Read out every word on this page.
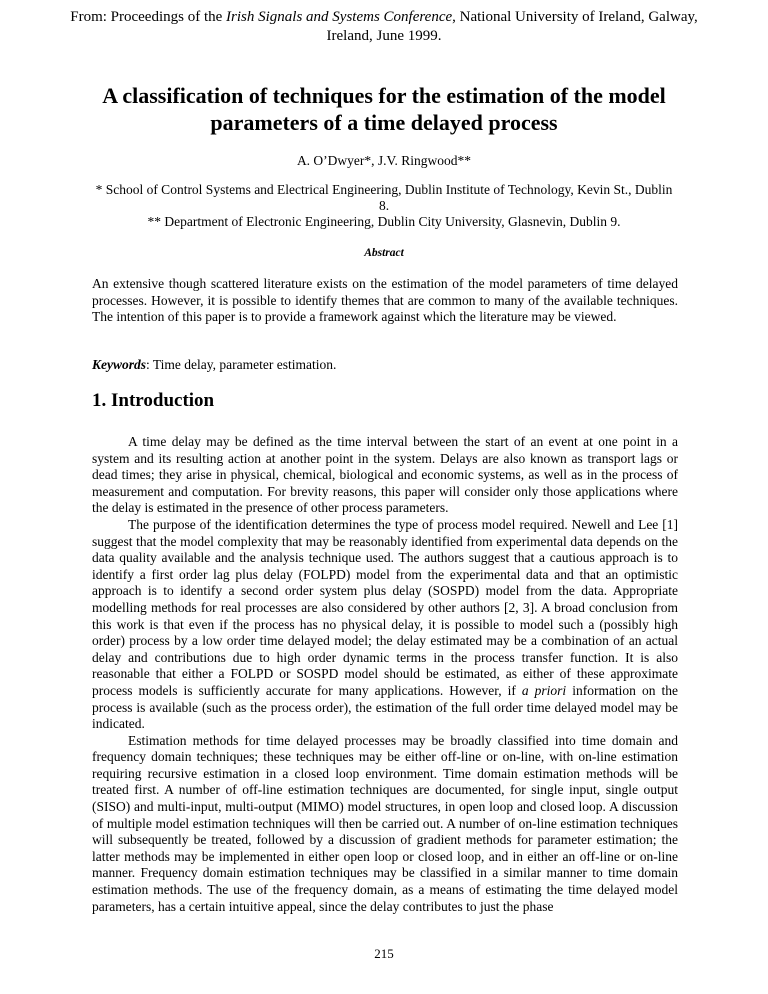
From: Proceedings of the Irish Signals and Systems Conference, National University of Ireland, Galway, Ireland, June 1999.
A classification of techniques for the estimation of the model parameters of a time delayed process
A. O’Dwyer*, J.V. Ringwood**
* School of Control Systems and Electrical Engineering, Dublin Institute of Technology, Kevin St., Dublin 8.
** Department of Electronic Engineering, Dublin City University, Glasnevin, Dublin 9.
Abstract
An extensive though scattered literature exists on the estimation of the model parameters of time delayed processes. However, it is possible to identify themes that are common to many of the available techniques. The intention of this paper is to provide a framework against which the literature may be viewed.
Keywords: Time delay, parameter estimation.
1. Introduction

A time delay may be defined as the time interval between the start of an event at one point in a system and its resulting action at another point in the system. Delays are also known as transport lags or dead times; they arise in physical, chemical, biological and economic systems, as well as in the process of measurement and computation. For brevity reasons, this paper will consider only those applications where the delay is estimated in the presence of other process parameters.

The purpose of the identification determines the type of process model required. Newell and Lee [1] suggest that the model complexity that may be reasonably identified from experimental data depends on the data quality available and the analysis technique used. The authors suggest that a cautious approach is to identify a first order lag plus delay (FOLPD) model from the experimental data and that an optimistic approach is to identify a second order system plus delay (SOSPD) model from the data. Appropriate modelling methods for real processes are also considered by other authors [2, 3]. A broad conclusion from this work is that even if the process has no physical delay, it is possible to model such a (possibly high order) process by a low order time delayed model; the delay estimated may be a combination of an actual delay and contributions due to high order dynamic terms in the process transfer function. It is also reasonable that either a FOLPD or SOSPD model should be estimated, as either of these approximate process models is sufficiently accurate for many applications. However, if a priori information on the process is available (such as the process order), the estimation of the full order time delayed model may be indicated.

Estimation methods for time delayed processes may be broadly classified into time domain and frequency domain techniques; these techniques may be either off-line or on-line, with on-line estimation requiring recursive estimation in a closed loop environment. Time domain estimation methods will be treated first. A number of off-line estimation techniques are documented, for single input, single output (SISO) and multi-input, multi-output (MIMO) model structures, in open loop and closed loop. A discussion of multiple model estimation techniques will then be carried out. A number of on-line estimation techniques will subsequently be treated, followed by a discussion of gradient methods for parameter estimation; the latter methods may be implemented in either open loop or closed loop, and in either an off-line or on-line manner. Frequency domain estimation techniques may be classified in a similar manner to time domain estimation methods. The use of the frequency domain, as a means of estimating the time delayed model parameters, has a certain intuitive appeal, since the delay contributes to just the phase

215
